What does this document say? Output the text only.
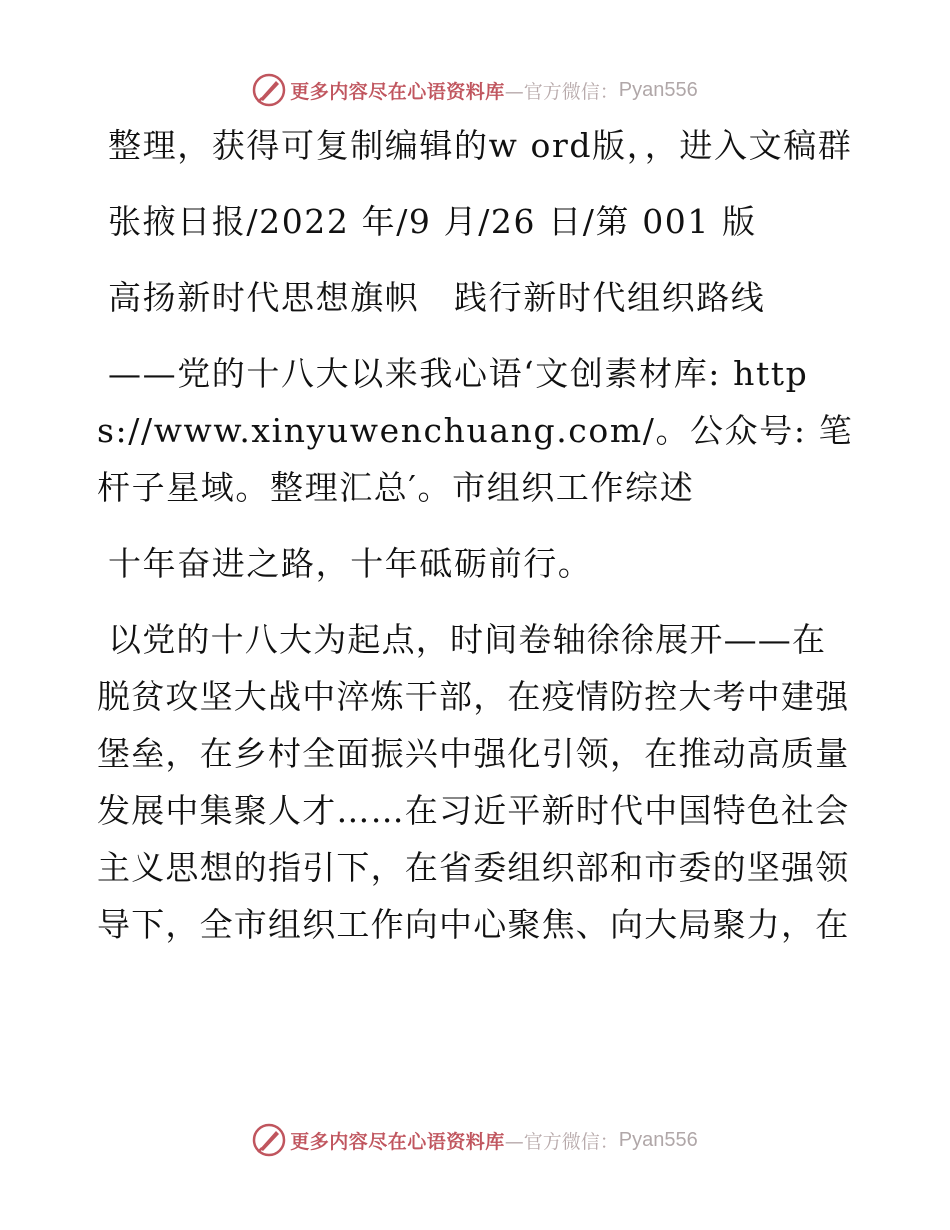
更多内容尽在心语资料库 —官方微信： Pyan556

整理，获得可复制编辑的w ord版，，进入文稿群

张掖日报/2022 年/9 月/26 日/第 001 版

高扬新时代思想旗帜　践行新时代组织路线

——党的十八大以来我心语‘文创素材库: https://www.xinyuwenchuang.com/。公众号: 笔杆子星域。整理汇总′。市组织工作综述

十年奋进之路，十年砥砺前行。

以党的十八大为起点，时间卷轴徐徐展开——在脱贫攻坚大战中淬炼干部，在疫情防控大考中建强堡垒，在乡村全面振兴中强化引领，在推动高质量发展中集聚人才……在习近平新时代中国特色社会主义思想的指引下，在省委组织部和市委的坚强领导下，全市组织工作向中心聚焦、向大局聚力，在

更多内容尽在心语资料库 —官方微信： Pyan556
